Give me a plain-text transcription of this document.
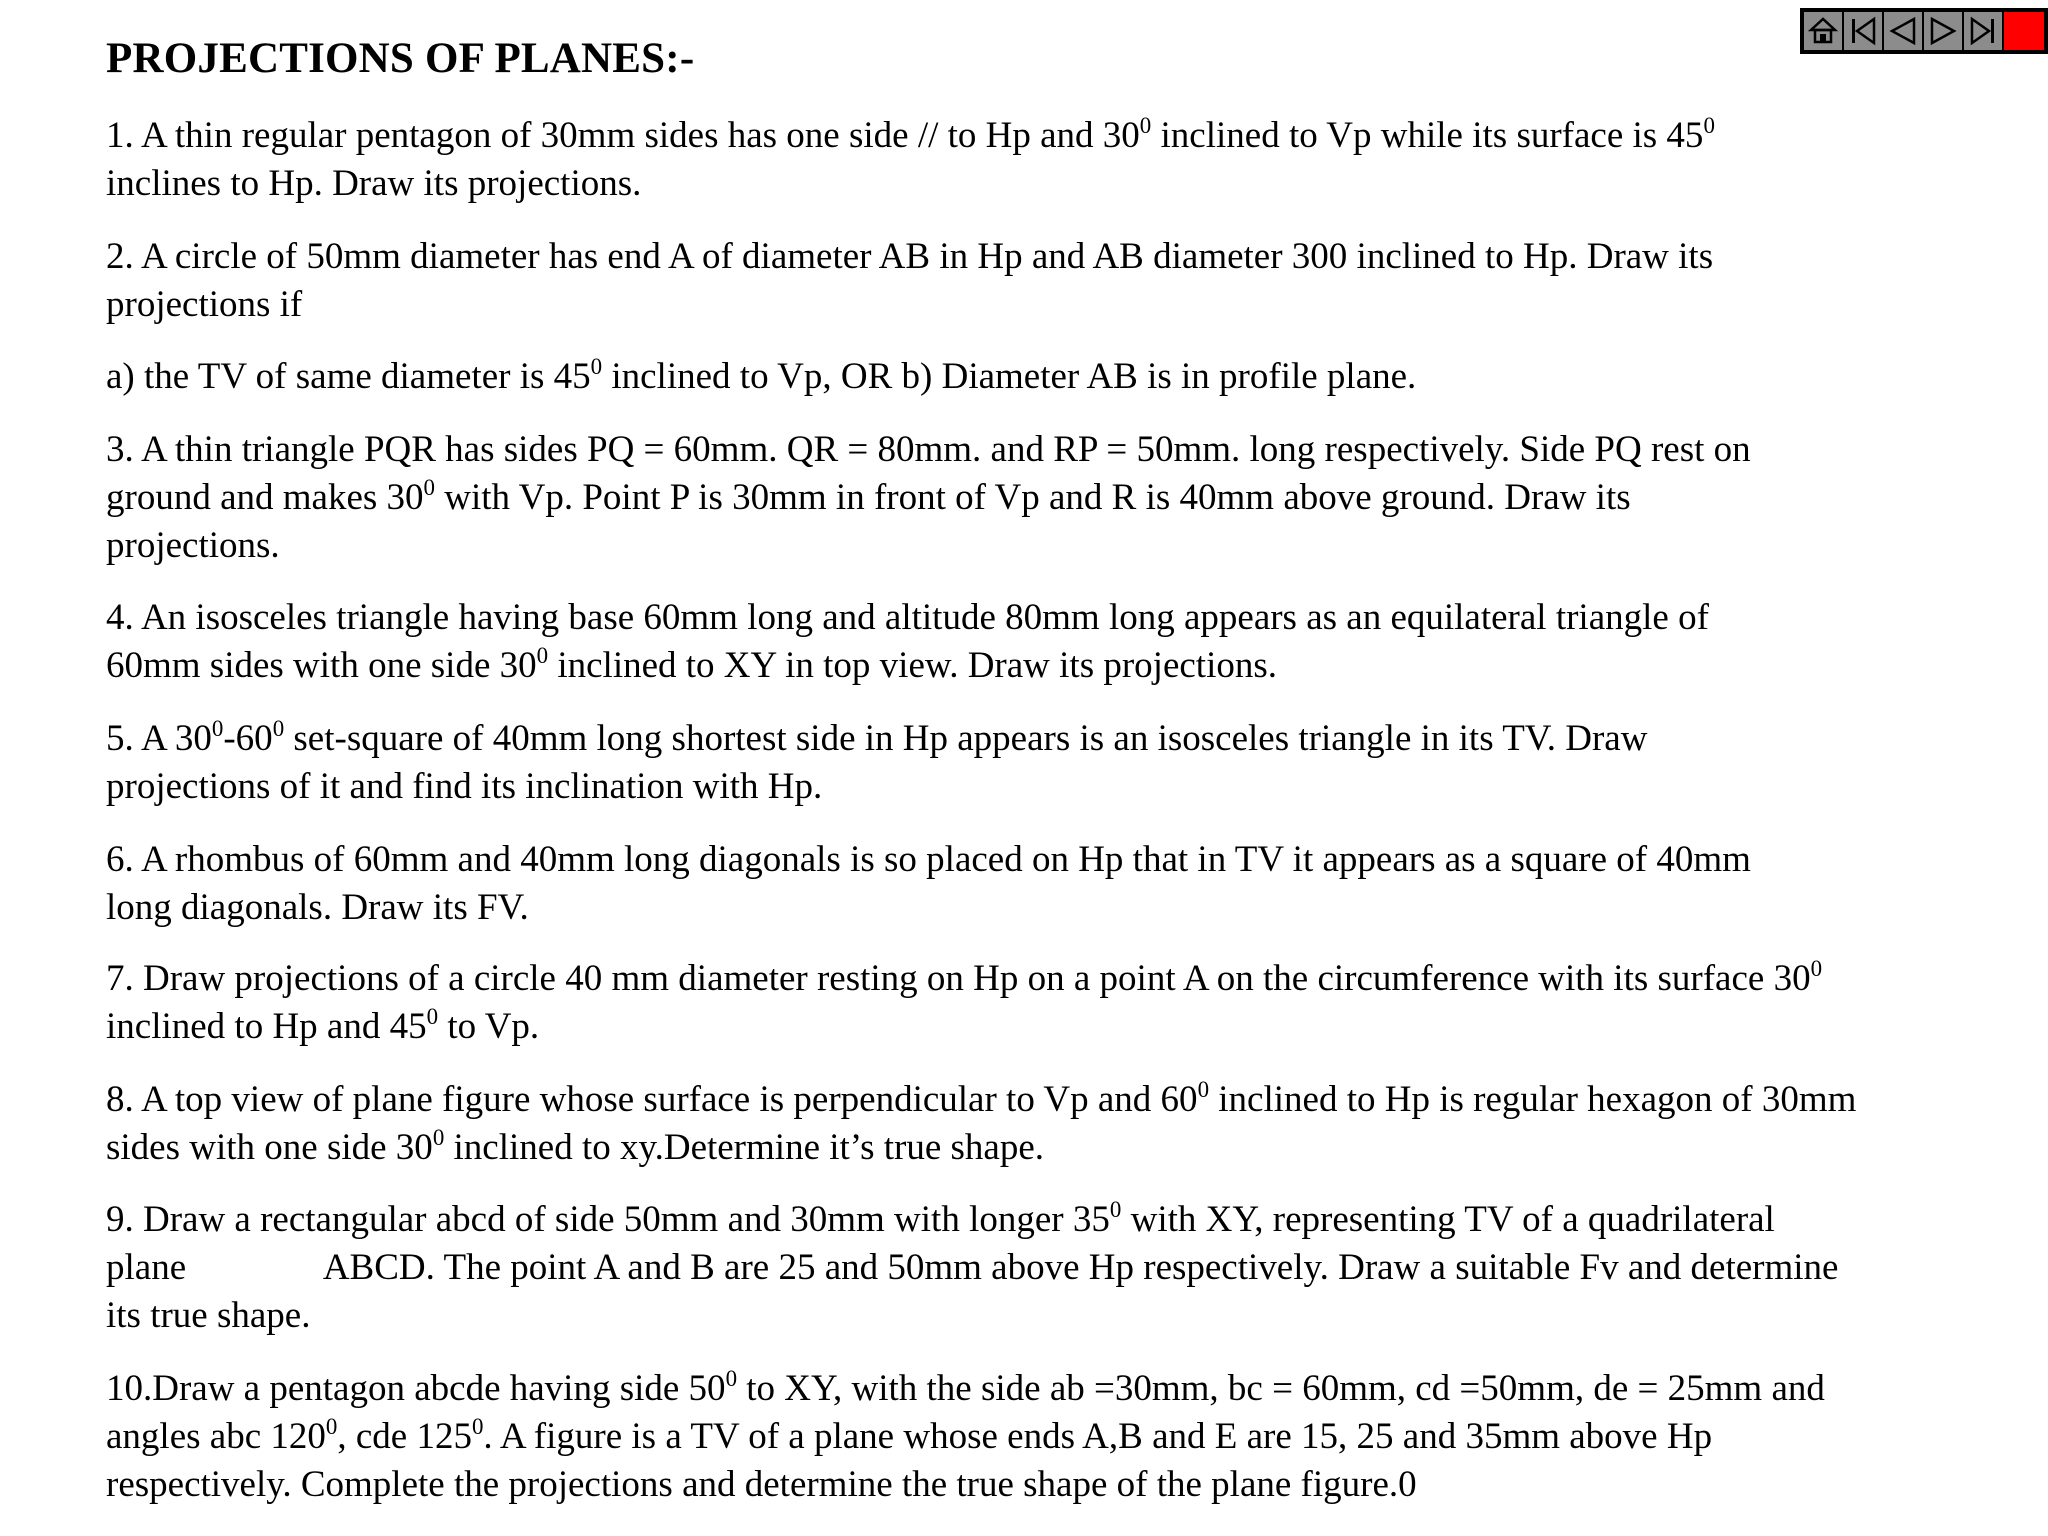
PROJECTIONS OF PLANES:-

1. A thin regular pentagon of 30mm sides has one side // to Hp and $30^0$ inclined to Vp while its surface is $45^0$

inclines to Hp. Draw its projections.

2. A circle of 50mm diameter has end A of diameter AB in Hp and AB diameter 300 inclined to Hp. Draw its

projections if

a) the TV of same diameter is $45^0$ inclined to Vp, OR b) Diameter AB is in profile plane.

3. A thin triangle PQR has sides PQ = 60mm. QR = 80mm. and RP = 50mm. long respectively. Side PQ rest on

ground and makes $30^0$ with Vp. Point P is 30mm in front of Vp and R is 40mm above ground. Draw its

projections.

4. An isosceles triangle having base 60mm long and altitude 80mm long appears as an equilateral triangle of

60mm sides with one side $30^0$ inclined to XY in top view. Draw its projections.

5. A $30^0-60^0$ set-square of 40mm long shortest side in Hp appears is an isosceles triangle in its TV. Draw

projections of it and find its inclination with Hp.

6. A rhombus of 60mm and 40mm long diagonals is so placed on Hp that in TV it appears as a square of 40mm

long diagonals. Draw its FV.

7. Draw projections of a circle 40 mm diameter resting on Hp on a point A on the circumference with its surface $30^0$

inclined to Hp and $45^0$ to Vp.

8. A top view of plane figure whose surface is perpendicular to Vp and $60^0$ inclined to Hp is regular hexagon of 30mm

sides with one side $30^0$ inclined to xy.Determine it’s true shape.

9. Draw a rectangular abcd of side 50mm and 30mm with longer $35^0$ with XY, representing TV of a quadrilateral

plane               ABCD. The point A and B are 25 and 50mm above Hp respectively. Draw a suitable Fv and determine

its true shape.

10.Draw a pentagon abcde having side $50^0$ to XY, with the side ab =30mm, bc = 60mm, cd =50mm, de = 25mm and

angles abc $120^0$, cde $125^0$. A figure is a TV of a plane whose ends A,B and E are 15, 25 and 35mm above Hp

respectively. Complete the projections and determine the true shape of the plane figure.0
